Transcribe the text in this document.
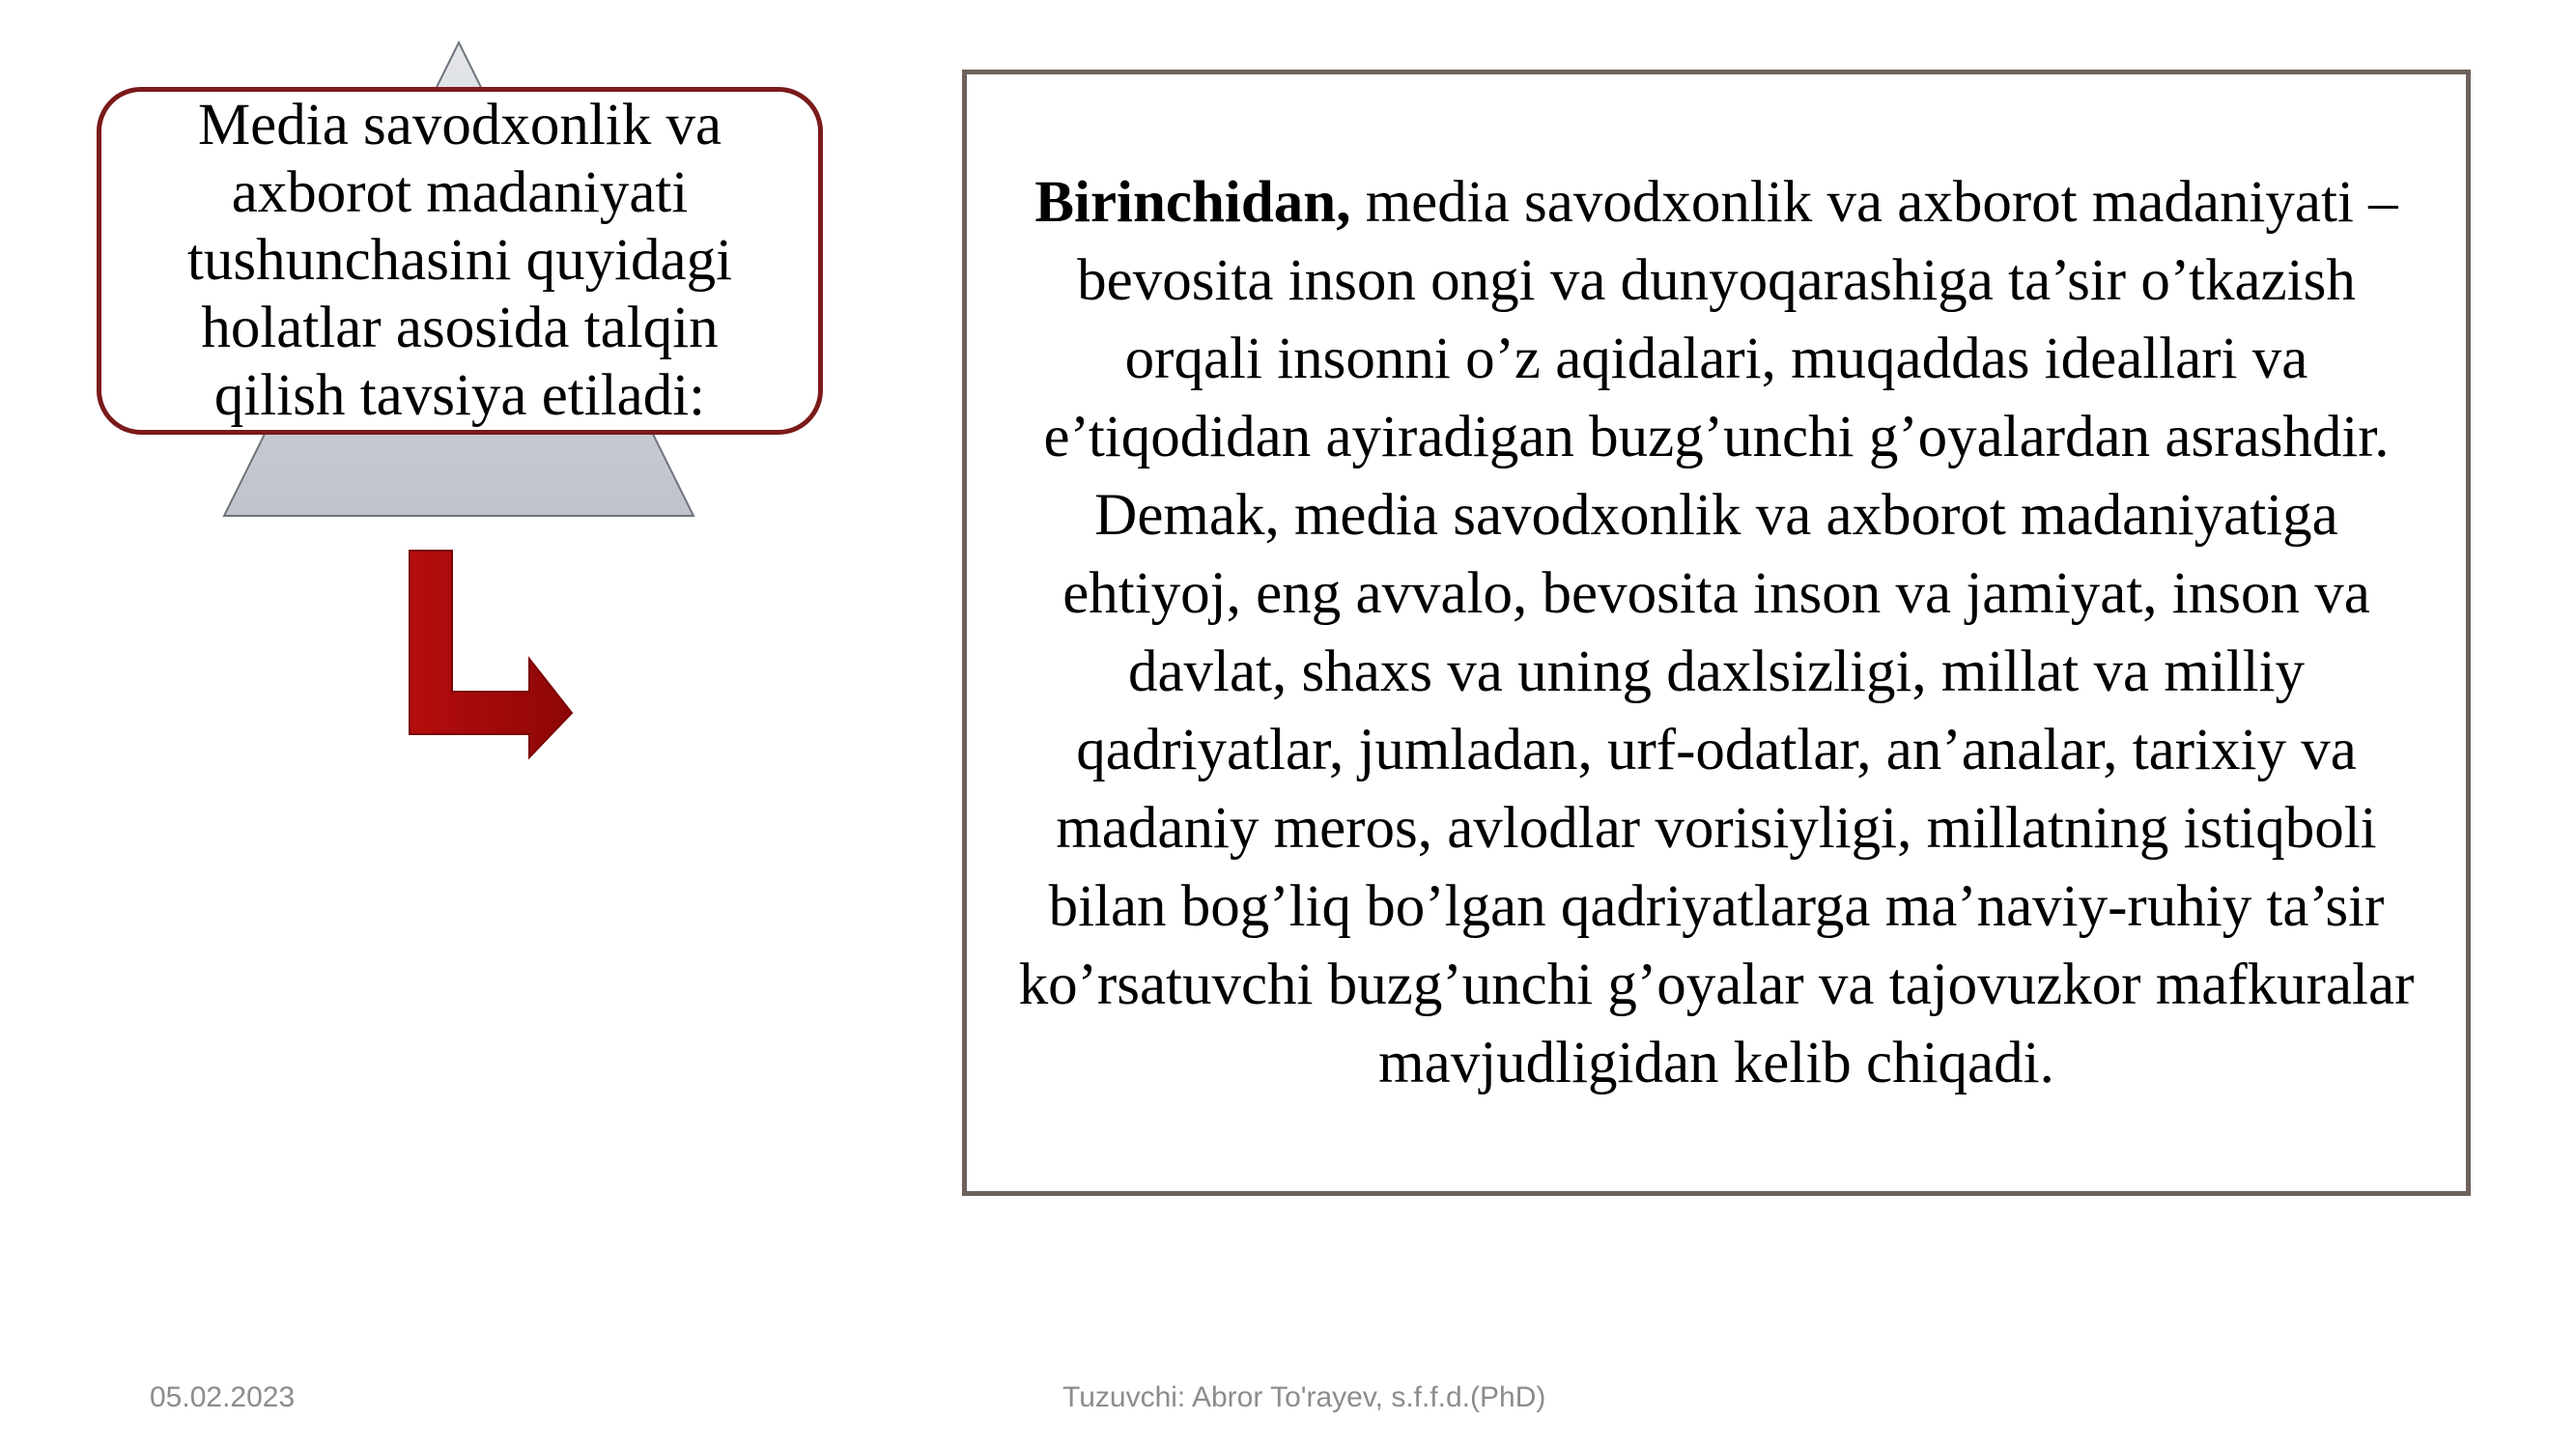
Media savodxonlik va axborot madaniyati tushunchasini quyidagi holatlar asosida talqin qilish tavsiya etiladi:

Birinchidan, media savodxonlik va axborot madaniyati – bevosita inson ongi va dunyoqarashiga ta’sir o’tkazish orqali insonni o’z aqidalari, muqaddas ideallari va e’tiqodidan ayiradigan buzg’unchi g’oyalardan asrashdir. Demak, media savodxonlik va axborot madaniyatiga ehtiyoj, eng avvalo, bevosita inson va jamiyat, inson va davlat, shaxs va uning daxlsizligi, millat va milliy qadriyatlar, jumladan, urf-odatlar, an’analar, tarixiy va madaniy meros, avlodlar vorisiyligi, millatning istiqboli bilan bog’liq bo’lgan qadriyatlarga ma’naviy-ruhiy ta’sir ko’rsatuvchi buzg’unchi g’oyalar va tajovuzkor mafkuralar mavjudligidan kelib chiqadi.

05.02.2023	Tuzuvchi: Abror To'rayev, s.f.f.d.(PhD)
